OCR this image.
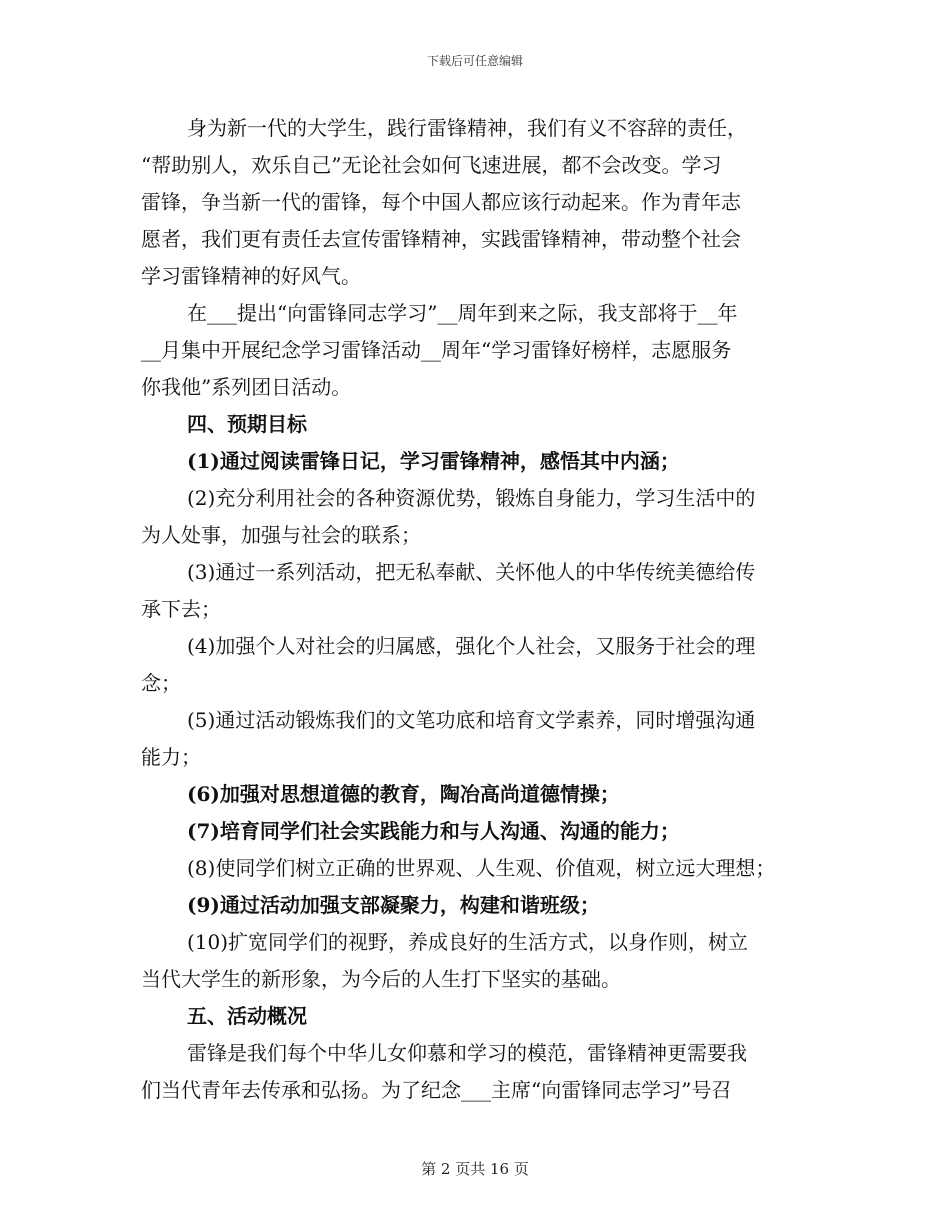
下载后可任意编辑
身为新一代的大学生，践行雷锋精神，我们有义不容辞的责任，
“帮助别人，欢乐自己”无论社会如何飞速进展，都不会改变。学习
雷锋，争当新一代的雷锋，每个中国人都应该行动起来。作为青年志
愿者，我们更有责任去宣传雷锋精神，实践雷锋精神，带动整个社会
学习雷锋精神的好风气。
在___提出“向雷锋同志学习”__周年到来之际，我支部将于__年
__月集中开展纪念学习雷锋活动__周年“学习雷锋好榜样，志愿服务
你我他”系列团日活动。
四、预期目标
(1)通过阅读雷锋日记，学习雷锋精神，感悟其中内涵；
(2)充分利用社会的各种资源优势，锻炼自身能力，学习生活中的
为人处事，加强与社会的联系；
(3)通过一系列活动，把无私奉献、关怀他人的中华传统美德给传
承下去；
(4)加强个人对社会的归属感，强化个人社会，又服务于社会的理
念；
(5)通过活动锻炼我们的文笔功底和培育文学素养，同时增强沟通
能力；
(6)加强对思想道德的教育，陶冶高尚道德情操；
(7)培育同学们社会实践能力和与人沟通、沟通的能力；
(8)使同学们树立正确的世界观、人生观、价值观，树立远大理想；
(9)通过活动加强支部凝聚力，构建和谐班级；
(10)扩宽同学们的视野，养成良好的生活方式，以身作则，树立
当代大学生的新形象，为今后的人生打下坚实的基础。
五、活动概况
雷锋是我们每个中华儿女仰慕和学习的模范，雷锋精神更需要我
们当代青年去传承和弘扬。为了纪念___主席“向雷锋同志学习”号召
第 2 页共 16 页
